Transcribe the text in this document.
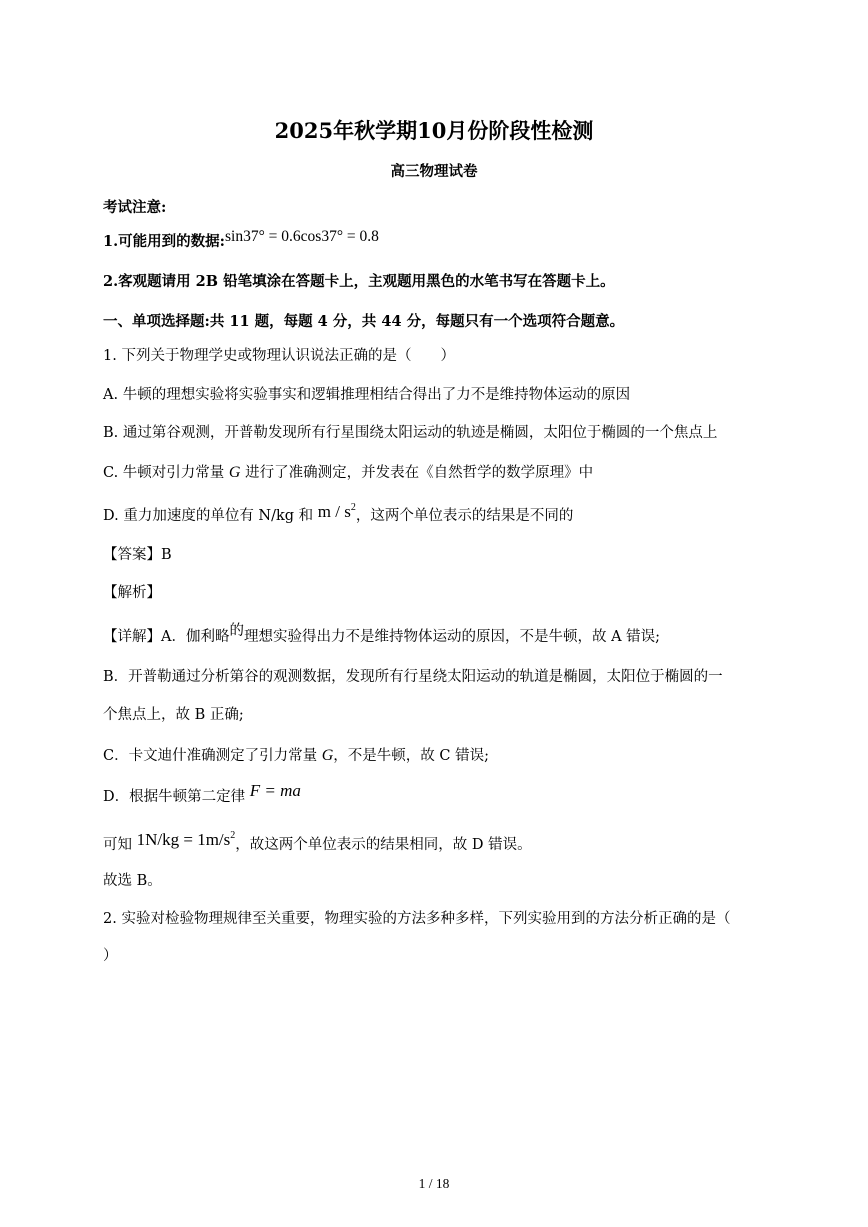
2025年秋学期10月份阶段性检测
高三物理试卷
考试注意:
1.可能用到的数据:sin37° = 0.6cos37° = 0.8
2.客观题请用 2B 铅笔填涂在答题卡上，主观题用黑色的水笔书写在答题卡上。
一、单项选择题:共 11 题，每题 4 分，共 44 分，每题只有一个选项符合题意。
1. 下列关于物理学史或物理认识说法正确的是（　　）
A. 牛顿的理想实验将实验事实和逻辑推理相结合得出了力不是维持物体运动的原因
B. 通过第谷观测，开普勒发现所有行星围绕太阳运动的轨迹是椭圆，太阳位于椭圆的一个焦点上
C. 牛顿对引力常量 G 进行了准确测定，并发表在《自然哲学的数学原理》中
D. 重力加速度的单位有 N/kg 和 m / $s^2$，这两个单位表示的结果是不同的
【答案】B
【解析】
【详解】A．伽利略的理想实验得出力不是维持物体运动的原因，不是牛顿，故 A 错误;
B．开普勒通过分析第谷的观测数据，发现所有行星绕太阳运动的轨道是椭圆，太阳位于椭圆的一
个焦点上，故 B 正确;
C．卡文迪什准确测定了引力常量 G，不是牛顿，故 C 错误;
D．根据牛顿第二定律 F = ma
可知 $1N/kg = 1m/s^2$，故这两个单位表示的结果相同，故 D 错误。
故选 B。
2. 实验对检验物理规律至关重要，物理实验的方法多种多样，下列实验用到的方法分析正确的是（
）
1 / 18
